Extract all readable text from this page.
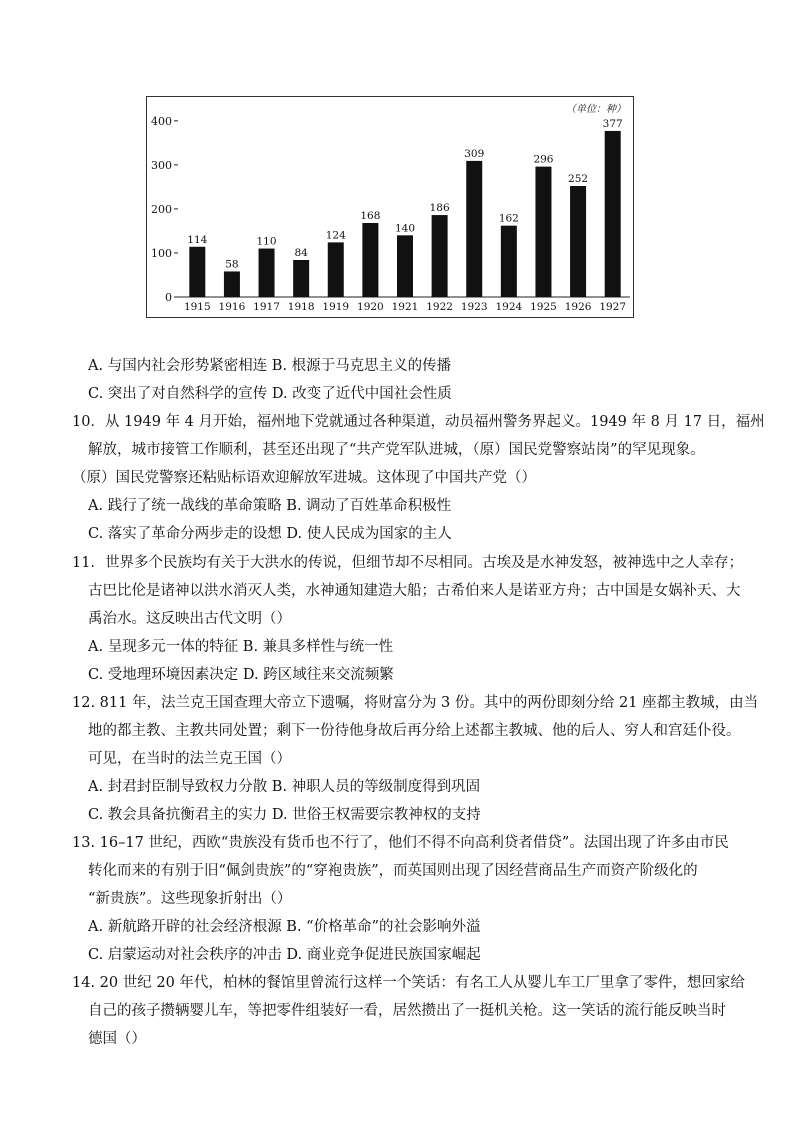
（单位：种）
0
100
200
300
400
114
1915
58
1916
110
1917
84
1918
124
1919
168
1920
140
1921
186
1922
309
1923
162
1924
296
1925
252
1926
377
1927
A. 与国内社会形势紧密相连 B. 根源于马克思主义的传播
C. 突出了对自然科学的宣传 D. 改变了近代中国社会性质
10．从 1949 年 4 月开始，福州地下党就通过各种渠道，动员福州警务界起义。1949 年 8 月 17 日，福州
解放，城市接管工作顺利，甚至还出现了“共产党军队进城，（原）国民党警察站岗”的罕见现象。
（原）国民党警察还粘贴标语欢迎解放军进城。这体现了中国共产党（）
A. 践行了统一战线的革命策略 B. 调动了百姓革命积极性
C. 落实了革命分两步走的设想 D. 使人民成为国家的主人
11．世界多个民族均有关于大洪水的传说，但细节却不尽相同。古埃及是水神发怒，被神选中之人幸存；
古巴比伦是诸神以洪水消灭人类，水神通知建造大船；古希伯来人是诺亚方舟；古中国是女娲补天、大
禹治水。这反映出古代文明（）
A. 呈现多元一体的特征 B. 兼具多样性与统一性
C. 受地理环境因素决定 D. 跨区域往来交流频繁
12. 811 年，法兰克王国查理大帝立下遗嘱，将财富分为 3 份。其中的两份即刻分给 21 座都主教城，由当
地的都主教、主教共同处置；剩下一份待他身故后再分给上述都主教城、他的后人、穷人和宫廷仆役。
可见，在当时的法兰克王国（）
A. 封君封臣制导致权力分散 B. 神职人员的等级制度得到巩固
C. 教会具备抗衡君主的实力 D. 世俗王权需要宗教神权的支持
13. 16–17 世纪，西欧“贵族没有货币也不行了，他们不得不向高利贷者借贷”。法国出现了许多由市民
转化而来的有别于旧“佩剑贵族”的“穿袍贵族”，而英国则出现了因经营商品生产而资产阶级化的
“新贵族”。这些现象折射出（）
A. 新航路开辟的社会经济根源 B. “价格革命”的社会影响外溢
C. 启蒙运动对社会秩序的冲击 D. 商业竞争促进民族国家崛起
14. 20 世纪 20 年代，柏林的餐馆里曾流行这样一个笑话：有名工人从婴儿车工厂里拿了零件，想回家给
自己的孩子攒辆婴儿车，等把零件组装好一看，居然攒出了一挺机关枪。这一笑话的流行能反映当时
德国（）
